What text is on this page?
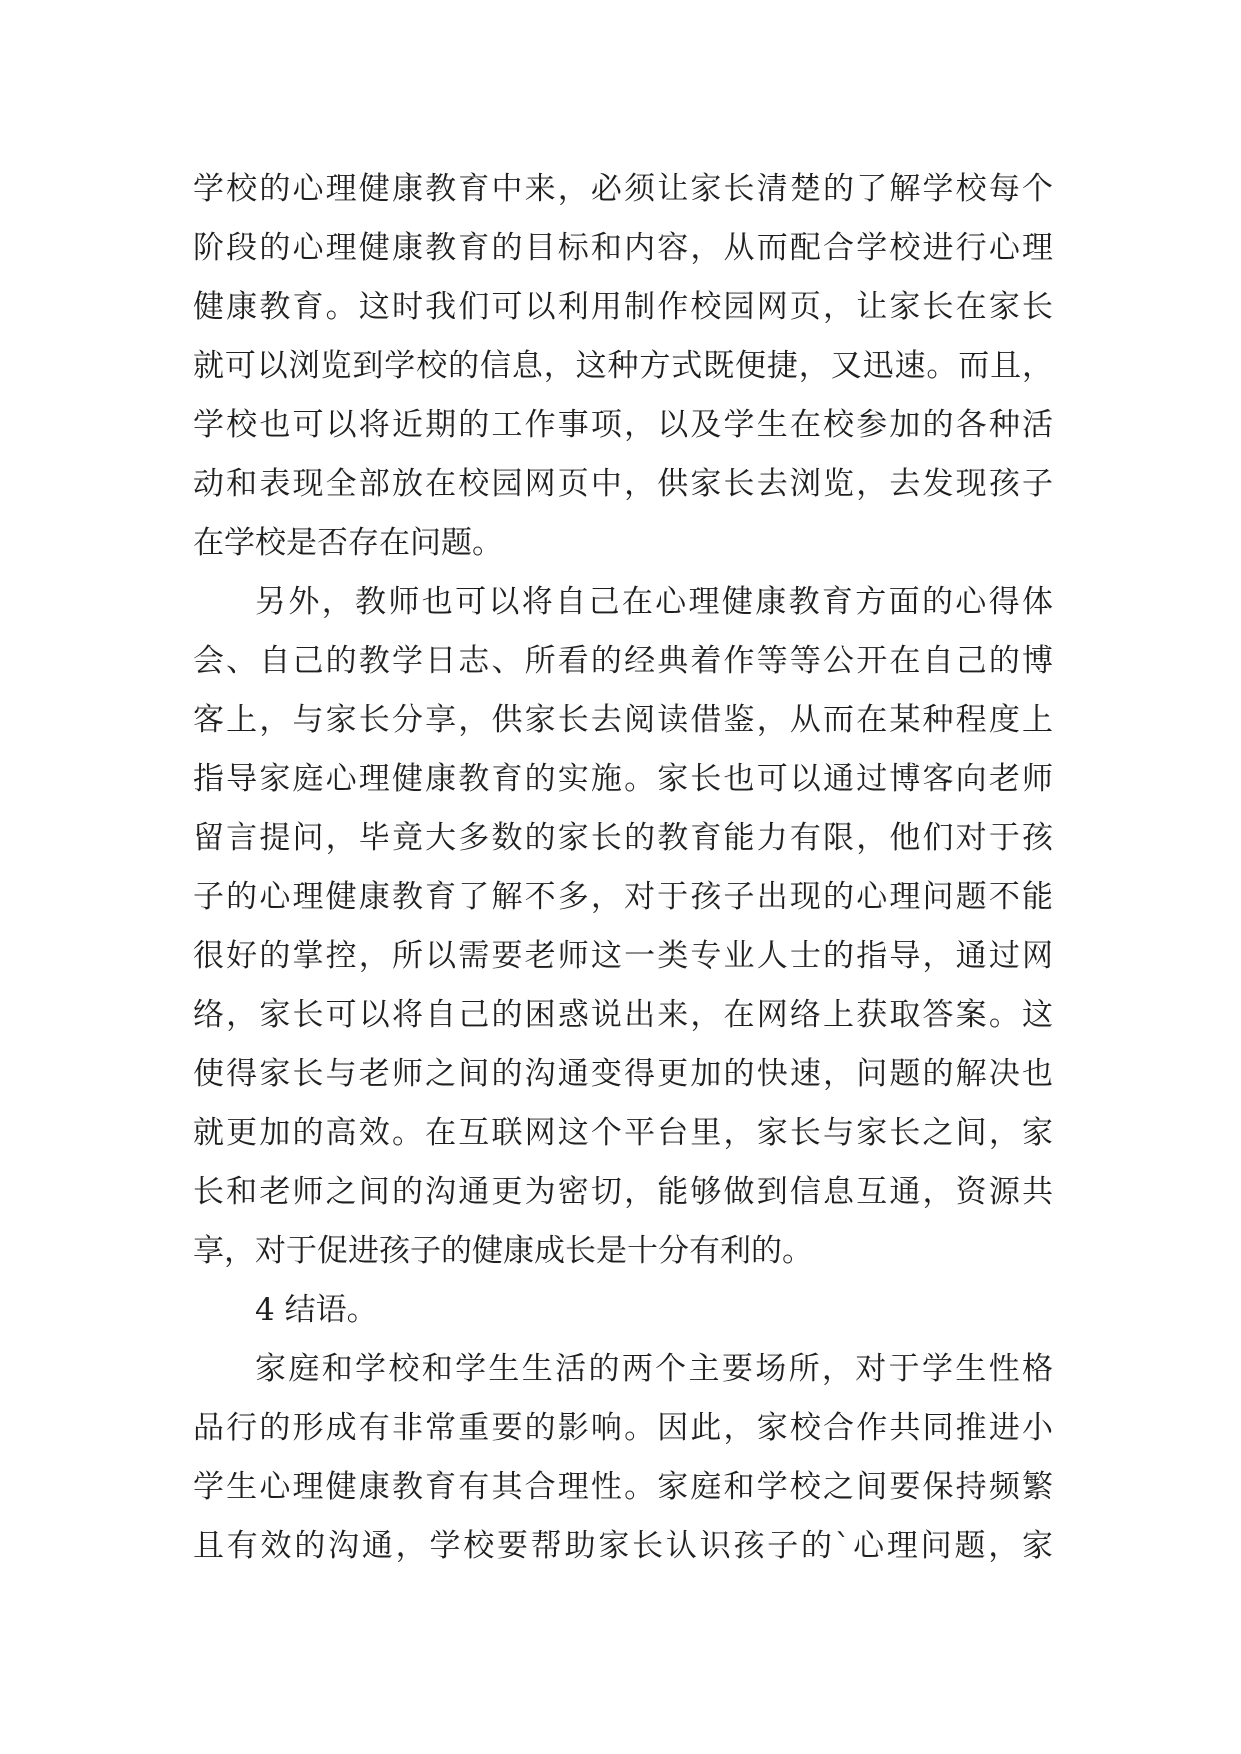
学校的心理健康教育中来，必须让家长清楚的了解学校每个
阶段的心理健康教育的目标和内容，从而配合学校进行心理
健康教育。这时我们可以利用制作校园网页，让家长在家长
就可以浏览到学校的信息，这种方式既便捷，又迅速。而且，
学校也可以将近期的工作事项，以及学生在校参加的各种活
动和表现全部放在校园网页中，供家长去浏览，去发现孩子
在学校是否存在问题。
另外，教师也可以将自己在心理健康教育方面的心得体
会、自己的教学日志、所看的经典着作等等公开在自己的博
客上，与家长分享，供家长去阅读借鉴，从而在某种程度上
指导家庭心理健康教育的实施。家长也可以通过博客向老师
留言提问，毕竟大多数的家长的教育能力有限，他们对于孩
子的心理健康教育了解不多，对于孩子出现的心理问题不能
很好的掌控，所以需要老师这一类专业人士的指导，通过网
络，家长可以将自己的困惑说出来，在网络上获取答案。这
使得家长与老师之间的沟通变得更加的快速，问题的解决也
就更加的高效。在互联网这个平台里，家长与家长之间，家
长和老师之间的沟通更为密切，能够做到信息互通，资源共
享，对于促进孩子的健康成长是十分有利的。
4 结语。
家庭和学校和学生生活的两个主要场所，对于学生性格
品行的形成有非常重要的影响。因此，家校合作共同推进小
学生心理健康教育有其合理性。家庭和学校之间要保持频繁
且有效的沟通，学校要帮助家长认识孩子的`心理问题，家
